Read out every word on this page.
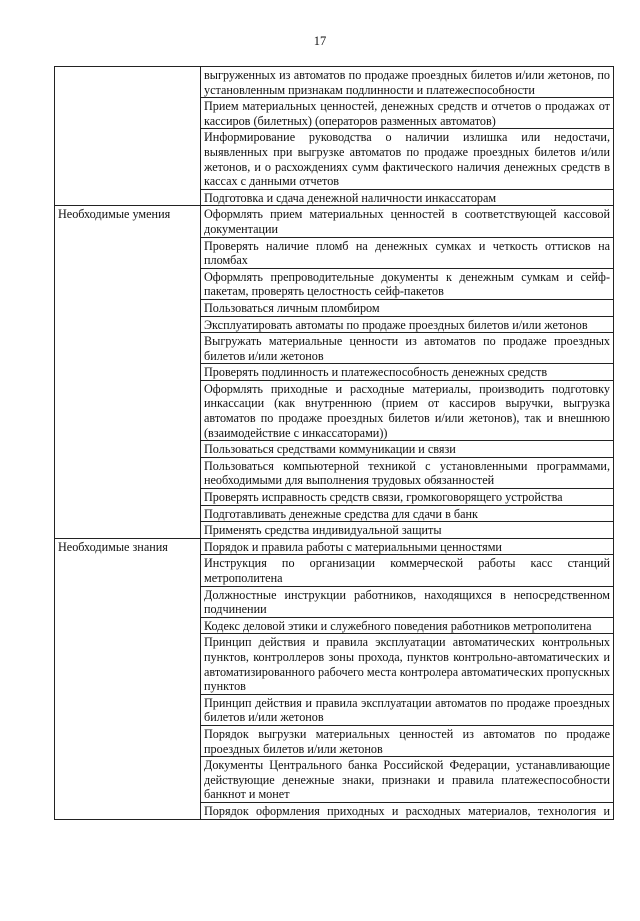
17
	выгруженных из автоматов по продаже проездных билетов и/или жетонов, по установленным признакам подлинности и платежеспособности
	Прием материальных ценностей, денежных средств и отчетов о продажах от кассиров (билетных) (операторов разменных автоматов)
	Информирование руководства о наличии излишка или недостачи, выявленных при выгрузке автоматов по продаже проездных билетов и/или жетонов, и о расхождениях сумм фактического наличия денежных средств в кассах с данными отчетов
	Подготовка и сдача денежной наличности инкассаторам
Необходимые умения	Оформлять прием материальных ценностей в соответствующей кассовой документации
	Проверять наличие пломб на денежных сумках и четкость оттисков на пломбах
	Оформлять препроводительные документы к денежным сумкам и сейф-пакетам, проверять целостность сейф-пакетов
	Пользоваться личным пломбиром
	Эксплуатировать автоматы по продаже проездных билетов и/или жетонов
	Выгружать материальные ценности из автоматов по продаже проездных билетов и/или жетонов
	Проверять подлинность и платежеспособность денежных средств
	Оформлять приходные и расходные материалы, производить подготовку инкассации (как внутреннюю (прием от кассиров выручки, выгрузка автоматов по продаже проездных билетов и/или жетонов), так и внешнюю (взаимодействие с инкассаторами))
	Пользоваться средствами коммуникации и связи
	Пользоваться компьютерной техникой с установленными программами, необходимыми для выполнения трудовых обязанностей
	Проверять исправность средств связи, громкоговорящего устройства
	Подготавливать денежные средства для сдачи в банк
	Применять средства индивидуальной защиты
Необходимые знания	Порядок и правила работы с материальными ценностями
	Инструкция по организации коммерческой работы касс станций метрополитена
	Должностные инструкции работников, находящихся в непосредственном подчинении
	Кодекс деловой этики и служебного поведения работников метрополитена
	Принцип действия и правила эксплуатации автоматических контрольных пунктов, контроллеров зоны прохода, пунктов контрольно-автоматических и автоматизированного рабочего места контролера автоматических пропускных пунктов
	Принцип действия и правила эксплуатации автоматов по продаже проездных билетов и/или жетонов
	Порядок выгрузки материальных ценностей из автоматов по продаже проездных билетов и/или жетонов
	Документы Центрального банка Российской Федерации, устанавливающие действующие денежные знаки, признаки и правила платежеспособности банкнот и монет
	Порядок оформления приходных и расходных материалов, технология и
